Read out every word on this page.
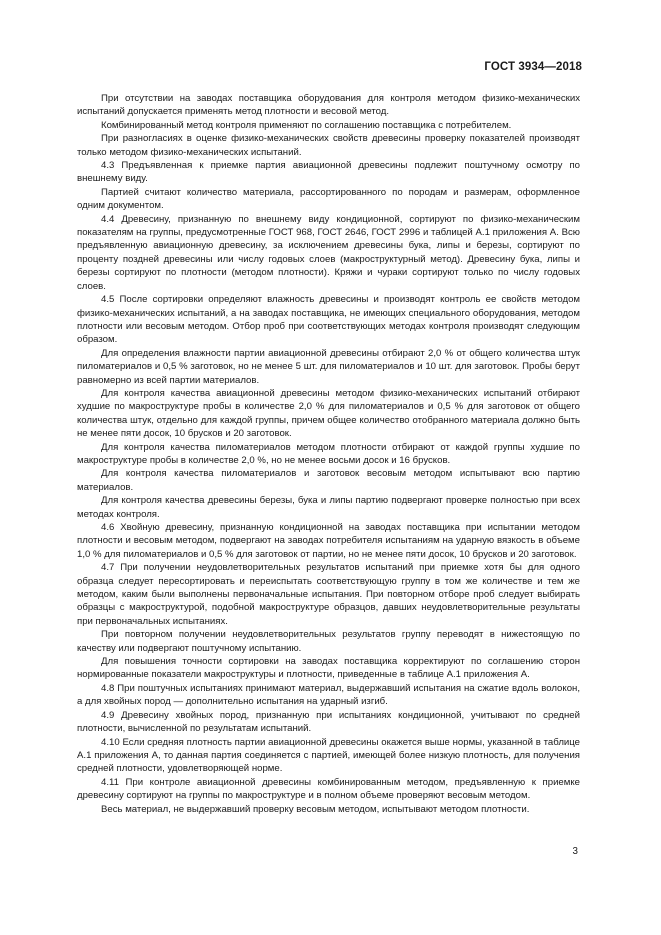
ГОСТ 3934—2018

При отсутствии на заводах поставщика оборудования для контроля методом физико-механических испытаний допускается применять метод плотности и весовой метод.

Комбинированный метод контроля применяют по соглашению поставщика с потребителем.

При разногласиях в оценке физико-механических свойств древесины проверку показателей производят только методом физико-механических испытаний.

4.3 Предъявленная к приемке партия авиационной древесины подлежит поштучному осмотру по внешнему виду.

Партией считают количество материала, рассортированного по породам и размерам, оформленное одним документом.

4.4 Древесину, признанную по внешнему виду кондиционной, сортируют по физико-механическим показателям на группы, предусмотренные ГОСТ 968, ГОСТ 2646, ГОСТ 2996 и таблицей А.1 приложения А. Всю предъявленную авиационную древесину, за исключением древесины бука, липы и березы, сортируют по проценту поздней древесины или числу годовых слоев (макроструктурный метод). Древесину бука, липы и березы сортируют по плотности (методом плотности). Кряжи и чураки сортируют только по числу годовых слоев.

4.5 После сортировки определяют влажность древесины и производят контроль ее свойств методом физико-механических испытаний, а на заводах поставщика, не имеющих специального оборудования, методом плотности или весовым методом. Отбор проб при соответствующих методах контроля производят следующим образом.

Для определения влажности партии авиационной древесины отбирают 2,0 % от общего количества штук пиломатериалов и 0,5 % заготовок, но не менее 5 шт. для пиломатериалов и 10 шт. для заготовок. Пробы берут равномерно из всей партии материалов.

Для контроля качества авиационной древесины методом физико-механических испытаний отбирают худшие по макроструктуре пробы в количестве 2,0 % для пиломатериалов и 0,5 % для заготовок от общего количества штук, отдельно для каждой группы, причем общее количество отобранного материала должно быть не менее пяти досок, 10 брусков и 20 заготовок.

Для контроля качества пиломатериалов методом плотности отбирают от каждой группы худшие по макроструктуре пробы в количестве 2,0 %, но не менее восьми досок и 16 брусков.

Для контроля качества пиломатериалов и заготовок весовым методом испытывают всю партию материалов.

Для контроля качества древесины березы, бука и липы партию подвергают проверке полностью при всех методах контроля.

4.6 Хвойную древесину, признанную кондиционной на заводах поставщика при испытании методом плотности и весовым методом, подвергают на заводах потребителя испытаниям на ударную вязкость в объеме 1,0 % для пиломатериалов и 0,5 % для заготовок от партии, но не менее пяти досок, 10 брусков и 20 заготовок.

4.7 При получении неудовлетворительных результатов испытаний при приемке хотя бы для одного образца следует пересортировать и переиспытать соответствующую группу в том же количестве и тем же методом, каким были выполнены первоначальные испытания. При повторном отборе проб следует выбирать образцы с макроструктурой, подобной макроструктуре образцов, давших неудовлетворительные результаты при первоначальных испытаниях.

При повторном получении неудовлетворительных результатов группу переводят в нижестоящую по качеству или подвергают поштучному испытанию.

Для повышения точности сортировки на заводах поставщика корректируют по соглашению сторон нормированные показатели макроструктуры и плотности, приведенные в таблице А.1 приложения А.

4.8 При поштучных испытаниях принимают материал, выдержавший испытания на сжатие вдоль волокон, а для хвойных пород — дополнительно испытания на ударный изгиб.

4.9 Древесину хвойных пород, признанную при испытаниях кондиционной, учитывают по средней плотности, вычисленной по результатам испытаний.

4.10 Если средняя плотность партии авиационной древесины окажется выше нормы, указанной в таблице А.1 приложения А, то данная партия соединяется с партией, имеющей более низкую плотность, для получения средней плотности, удовлетворяющей норме.

4.11 При контроле авиационной древесины комбинированным методом, предъявленную к приемке древесину сортируют на группы по макроструктуре и в полном объеме проверяют весовым методом.

Весь материал, не выдержавший проверку весовым методом, испытывают методом плотности.

3
